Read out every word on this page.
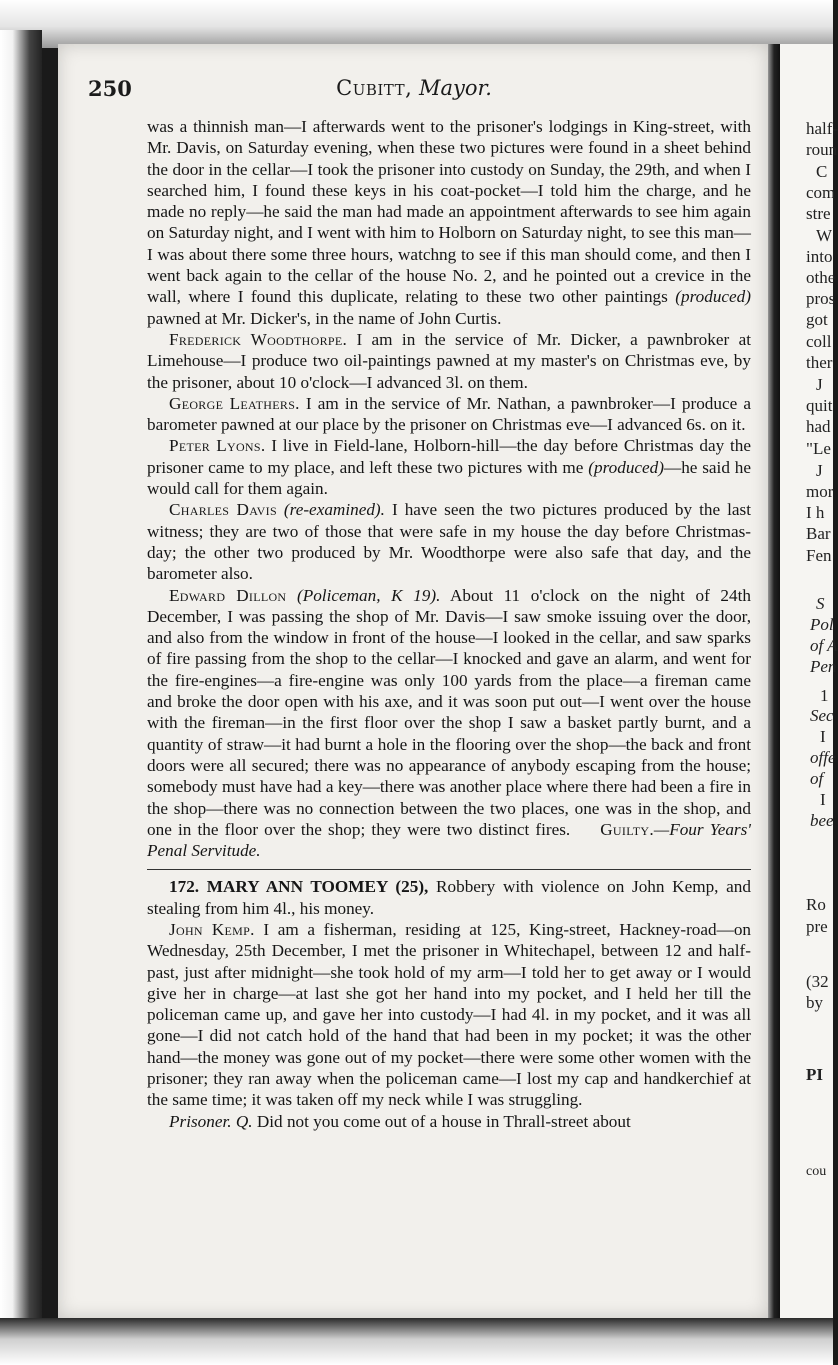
half-
roun
C
com
stre
W
into
othe
pros
got
coll
ther
J
quit
had
"Le
J
mor
I h
Bar
Fen
S
Pol
of A
Pen
1
Sec
I
offe
of
I
bee
Ro
pre
(32
by
PI
cou
250	Cubitt, Mayor.

was a thinnish man—I afterwards went to the prisoner's lodgings in King-street, with Mr. Davis, on Saturday evening, when these two pictures were found in a sheet behind the door in the cellar—I took the prisoner into custody on Sunday, the 29th, and when I searched him, I found these keys in his coat-pocket—I told him the charge, and he made no reply—he said the man had made an appointment afterwards to see him again on Saturday night, and I went with him to Holborn on Saturday night, to see this man—I was about there some three hours, watchng to see if this man should come, and then I went back again to the cellar of the house No. 2, and he pointed out a crevice in the wall, where I found this duplicate, relating to these two other paintings (produced) pawned at Mr. Dicker's, in the name of John Curtis.

Frederick Woodthorpe. I am in the service of Mr. Dicker, a pawnbroker at Limehouse—I produce two oil-paintings pawned at my master's on Christmas eve, by the prisoner, about 10 o'clock—I advanced 3l. on them.

George Leathers. I am in the service of Mr. Nathan, a pawnbroker—I produce a barometer pawned at our place by the prisoner on Christmas eve—I advanced 6s. on it.

Peter Lyons. I live in Field-lane, Holborn-hill—the day before Christmas day the prisoner came to my place, and left these two pictures with me (produced)—he said he would call for them again.

Charles Davis (re-examined). I have seen the two pictures produced by the last witness; they are two of those that were safe in my house the day before Christmas-day; the other two produced by Mr. Woodthorpe were also safe that day, and the barometer also.

Edward Dillon (Policeman, K 19). About 11 o'clock on the night of 24th December, I was passing the shop of Mr. Davis—I saw smoke issuing over the door, and also from the window in front of the house—I looked in the cellar, and saw sparks of fire passing from the shop to the cellar—I knocked and gave an alarm, and went for the fire-engines—a fire-engine was only 100 yards from the place—a fireman came and broke the door open with his axe, and it was soon put out—I went over the house with the fireman—in the first floor over the shop I saw a basket partly burnt, and a quantity of straw—it had burnt a hole in the flooring over the shop—the back and front doors were all secured; there was no appearance of anybody escaping from the house; somebody must have had a key—there was another place where there had been a fire in the shop—there was no connection between the two places, one was in the shop, and one in the floor over the shop; they were two distinct fires. Guilty.—Four Years' Penal Servitude.

172. MARY ANN TOOMEY (25), Robbery with violence on John Kemp, and stealing from him 4l., his money.

John Kemp. I am a fisherman, residing at 125, King-street, Hackney-road—on Wednesday, 25th December, I met the prisoner in Whitechapel, between 12 and half-past, just after midnight—she took hold of my arm—I told her to get away or I would give her in charge—at last she got her hand into my pocket, and I held her till the policeman came up, and gave her into custody—I had 4l. in my pocket, and it was all gone—I did not catch hold of the hand that had been in my pocket; it was the other hand—the money was gone out of my pocket—there were some other women with the prisoner; they ran away when the policeman came—I lost my cap and handkerchief at the same time; it was taken off my neck while I was struggling.

Prisoner. Q. Did not you come out of a house in Thrall-street about
